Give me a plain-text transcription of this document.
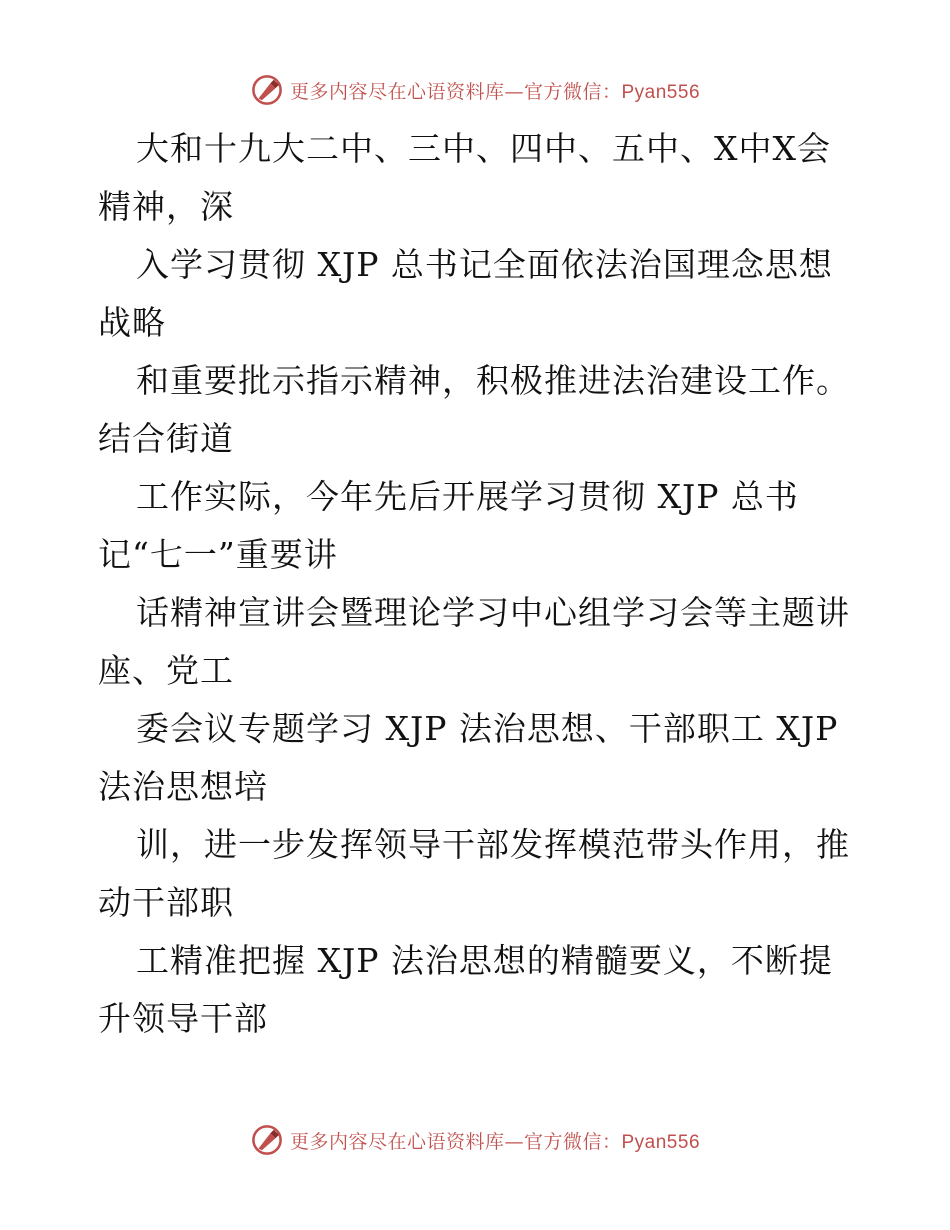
更多内容尽在心语资料库—官方微信：Pyan556
大和十九大二中、三中、四中、五中、X中X会
精神，深
入学习贯彻 XJP 总书记全面依法治国理念思想
战略
和重要批示指示精神，积极推进法治建设工作。
结合街道
工作实际，今年先后开展学习贯彻 XJP 总书
记“七一”重要讲
话精神宣讲会暨理论学习中心组学习会等主题讲
座、党工
委会议专题学习 XJP 法治思想、干部职工 XJP
法治思想培
训，进一步发挥领导干部发挥模范带头作用，推
动干部职
工精准把握 XJP 法治思想的精髓要义，不断提
升领导干部
更多内容尽在心语资料库—官方微信：Pyan556
